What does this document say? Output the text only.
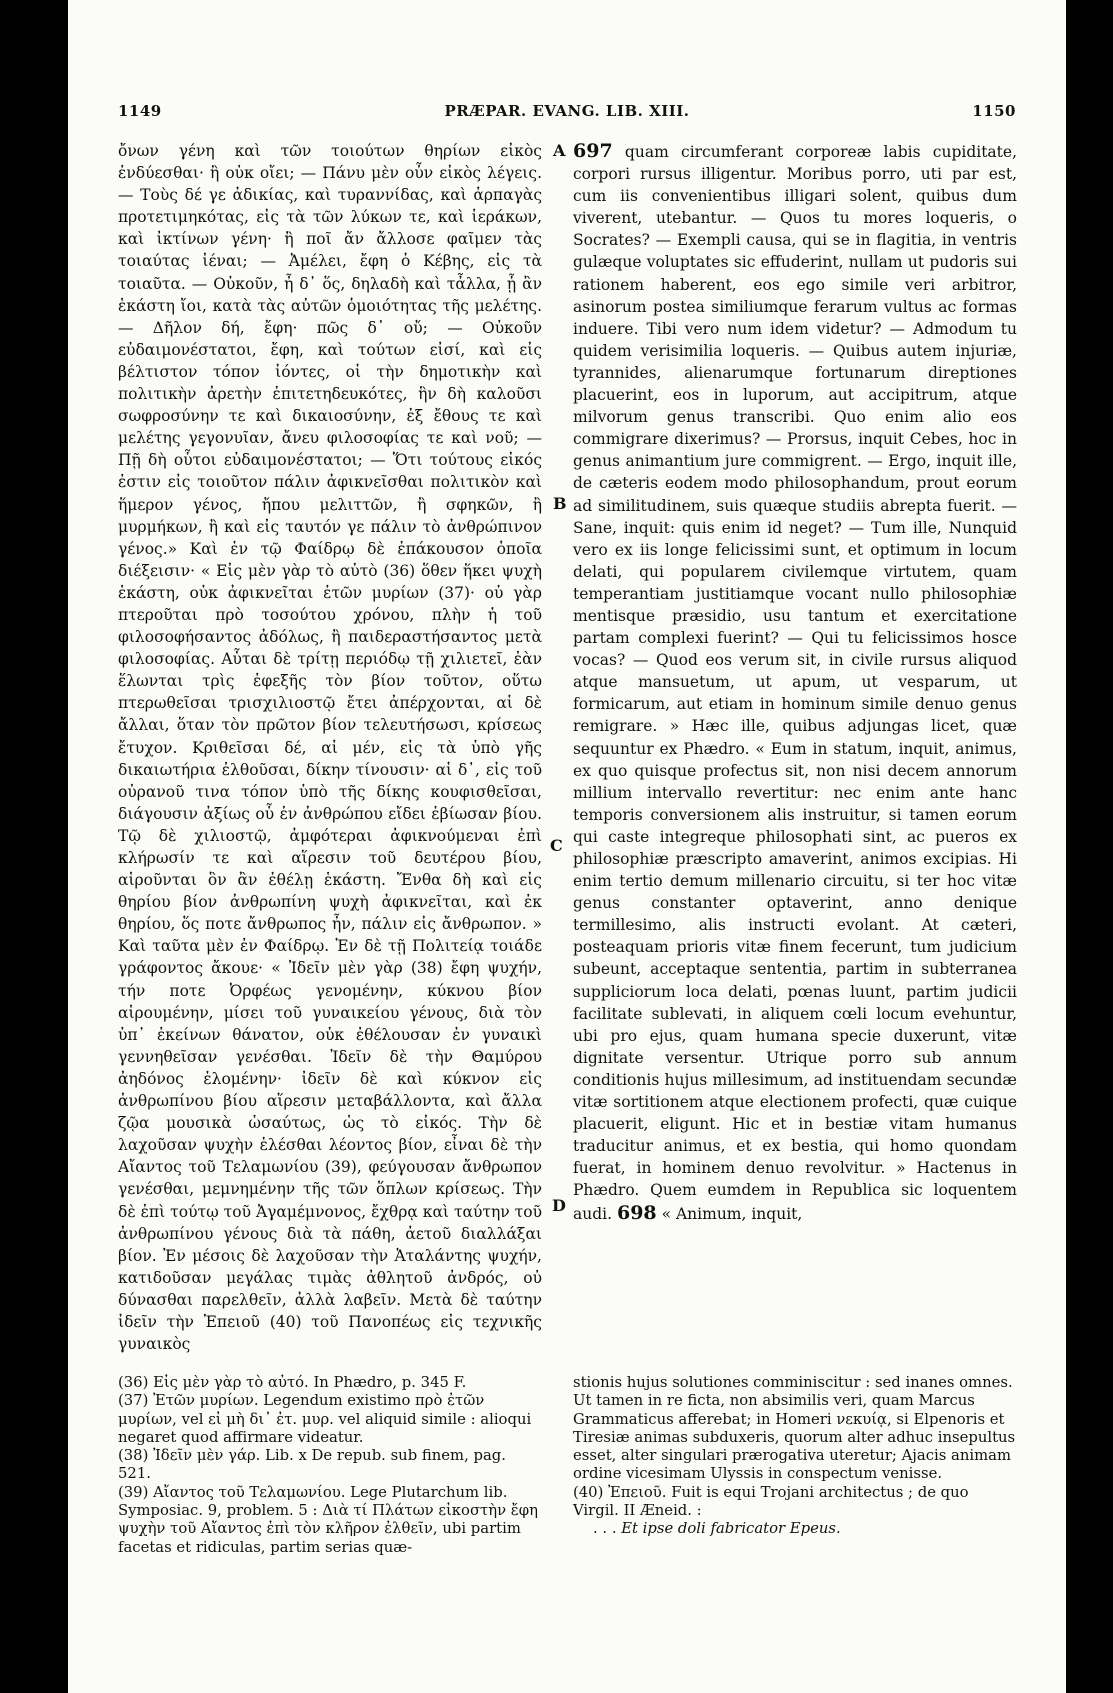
1149	PRÆPAR. EVANG. LIB. XIII.	1150

ὄνων γένη καὶ τῶν τοιούτων θηρίων εἰκὸς ἐνδύεσθαι· ἢ οὐκ οἴει; — Πάνυ μὲν οὖν εἰκὸς λέγεις. — Τοὺς δέ γε ἀδικίας, καὶ τυραννίδας, καὶ ἁρπαγὰς προτετιμηκότας, εἰς τὰ τῶν λύκων τε, καὶ ἱεράκων, καὶ ἰκτίνων γένη· ἢ ποῖ ἄν ἄλλοσε φαῖμεν τὰς τοιαύτας ἰέναι; — Ἀμέλει, ἔφη ὁ Κέβης, εἰς τὰ τοιαῦτα. — Οὐκοῦν, ἦ δ᾽ ὅς, δηλαδὴ καὶ τἆλλα, ᾗ ἂν ἑκάστη ἴοι, κατὰ τὰς αὐτῶν ὁμοιότητας τῆς μελέτης. — Δῆλον δή, ἔφη· πῶς δ᾽ οὔ; — Οὐκοῦν εὐδαιμονέστατοι, ἔφη, καὶ τούτων εἰσί, καὶ εἰς βέλτιστον τόπον ἰόντες, οἱ τὴν δημοτικὴν καὶ πολιτικὴν ἀρετὴν ἐπιτετηδευκότες, ἣν δὴ καλοῦσι σωφροσύνην τε καὶ δικαιοσύνην, ἐξ ἔθους τε καὶ μελέτης γεγονυῖαν, ἄνευ φιλοσοφίας τε καὶ νοῦ; — Πῇ δὴ οὗτοι εὐδαιμονέστατοι; — Ὅτι τούτους εἰκός ἐστιν εἰς τοιοῦτον πάλιν ἀφικνεῖσθαι πολιτικὸν καὶ ἥμερον γένος, ἤπου μελιττῶν, ἢ σφηκῶν, ἢ μυρμήκων, ἢ καὶ εἰς ταυτόν γε πάλιν τὸ ἀνθρώπινον γένος.» Καὶ ἐν τῷ Φαίδρῳ δὲ ἐπάκουσον ὁποῖα διέξεισιν· « Εἰς μὲν γὰρ τὸ αὐτὸ (36) ὅθεν ἥκει ψυχὴ ἑκάστη, οὐκ ἀφικνεῖται ἐτῶν μυρίων (37)· οὐ γὰρ πτεροῦται πρὸ τοσούτου χρόνου, πλὴν ἡ τοῦ φιλοσοφήσαντος ἀδόλως, ἢ παιδεραστήσαντος μετὰ φιλοσοφίας. Αὗται δὲ τρίτῃ περιόδῳ τῇ χιλιετεῖ, ἐὰν ἕλωνται τρὶς ἐφεξῆς τὸν βίον τοῦτον, οὕτω πτερωθεῖσαι τρισχιλιοστῷ ἔτει ἀπέρχονται, αἱ δὲ ἄλλαι, ὅταν τὸν πρῶτον βίον τελευτήσωσι, κρίσεως ἔτυχον. Κριθεῖσαι δέ, αἱ μέν, εἰς τὰ ὑπὸ γῆς δικαιωτήρια ἐλθοῦσαι, δίκην τίνουσιν· αἱ δ᾽, εἰς τοῦ οὐρανοῦ τινα τόπον ὑπὸ τῆς δίκης κουφισθεῖσαι, διάγουσιν ἀξίως οὗ ἐν ἀνθρώπου εἴδει ἐβίωσαν βίου. Τῷ δὲ χιλιοστῷ, ἀμφότεραι ἀφικνούμεναι ἐπὶ κλήρωσίν τε καὶ αἵρεσιν τοῦ δευτέρου βίου, αἱροῦνται ὃν ἂν ἐθέλῃ ἑκάστη. Ἔνθα δὴ καὶ εἰς θηρίου βίον ἀνθρωπίνη ψυχὴ ἀφικνεῖται, καὶ ἐκ θηρίου, ὅς ποτε ἄνθρωπος ἦν, πάλιν εἰς ἄνθρωπον. » Καὶ ταῦτα μὲν ἐν Φαίδρῳ. Ἐν δὲ τῇ Πολιτείᾳ τοιάδε γράφοντος ἄκουε· « Ἰδεῖν μὲν γὰρ (38) ἔφη ψυχήν, τήν ποτε Ὀρφέως γενομένην, κύκνου βίον αἱρουμένην, μίσει τοῦ γυναικείου γένους, διὰ τὸν ὑπ᾽ ἐκείνων θάνατον, οὐκ ἐθέλουσαν ἐν γυναικὶ γεννηθεῖσαν γενέσθαι. Ἰδεῖν δὲ τὴν Θαμύρου ἀηδόνος ἑλομένην· ἰδεῖν δὲ καὶ κύκνον εἰς ἀνθρωπίνου βίου αἵρεσιν μεταβάλλοντα, καὶ ἄλλα ζῷα μουσικὰ ὡσαύτως, ὡς τὸ εἰκός. Τὴν δὲ λαχοῦσαν ψυχὴν ἑλέσθαι λέοντος βίον, εἶναι δὲ τὴν Αἴαντος τοῦ Τελαμωνίου (39), φεύγουσαν ἄνθρωπον γενέσθαι, μεμνημένην τῆς τῶν ὅπλων κρίσεως. Τὴν δὲ ἐπὶ τούτῳ τοῦ Ἀγαμέμνονος, ἔχθρᾳ καὶ ταύτην τοῦ ἀνθρωπίνου γένους διὰ τὰ πάθη, ἀετοῦ διαλλάξαι βίον. Ἐν μέσοις δὲ λαχοῦσαν τὴν Ἀταλάντης ψυχήν, κατιδοῦσαν μεγάλας τιμὰς ἀθλητοῦ ἀνδρός, οὐ δύνασθαι παρελθεῖν, ἀλλὰ λαβεῖν. Μετὰ δὲ ταύτην ἰδεῖν τὴν Ἐπειοῦ (40) τοῦ Πανοπέως εἰς τεχνικῆς γυναικὸς

A
B
C
D

697 quam circumferant corporeæ labis cupiditate, corpori rursus illigentur. Moribus porro, uti par est, cum iis convenientibus illigari solent, quibus dum viverent, utebantur. — Quos tu mores loqueris, o Socrates? — Exempli causa, qui se in flagitia, in ventris gulæque voluptates sic effuderint, nullam ut pudoris sui rationem haberent, eos ego simile veri arbitror, asinorum postea similiumque ferarum vultus ac formas induere. Tibi vero num idem videtur? — Admodum tu quidem verisimilia loqueris. — Quibus autem injuriæ, tyrannides, alienarumque fortunarum direptiones placuerint, eos in luporum, aut accipitrum, atque milvorum genus transcribi. Quo enim alio eos commigrare dixerimus? — Prorsus, inquit Cebes, hoc in genus animantium jure commigrent. — Ergo, inquit ille, de cæteris eodem modo philosophandum, prout eorum ad similitudinem, suis quæque studiis abrepta fuerit. — Sane, inquit: quis enim id neget? — Tum ille, Nunquid vero ex iis longe felicissimi sunt, et optimum in locum delati, qui popularem civilemque virtutem, quam temperantiam justitiamque vocant nullo philosophiæ mentisque præsidio, usu tantum et exercitatione partam complexi fuerint? — Qui tu felicissimos hosce vocas? — Quod eos verum sit, in civile rursus aliquod atque mansuetum, ut apum, ut vesparum, ut formicarum, aut etiam in hominum simile denuo genus remigrare. » Hæc ille, quibus adjungas licet, quæ sequuntur ex Phædro. « Eum in statum, inquit, animus, ex quo quisque profectus sit, non nisi decem annorum millium intervallo revertitur: nec enim ante hanc temporis conversionem alis instruitur, si tamen eorum qui caste integreque philosophati sint, ac pueros ex philosophiæ præscripto amaverint, animos excipias. Hi enim tertio demum millenario circuitu, si ter hoc vitæ genus constanter optaverint, anno denique termillesimo, alis instructi evolant. At cæteri, posteaquam prioris vitæ finem fecerunt, tum judicium subeunt, acceptaque sententia, partim in subterranea suppliciorum loca delati, pœnas luunt, partim judicii facilitate sublevati, in aliquem cœli locum evehuntur, ubi pro ejus, quam humana specie duxerunt, vitæ dignitate versentur. Utrique porro sub annum conditionis hujus millesimum, ad instituendam secundæ vitæ sortitionem atque electionem profecti, quæ cuique placuerit, eligunt. Hic et in bestiæ vitam humanus traducitur animus, et ex bestia, qui homo quondam fuerat, in hominem denuo revolvitur. » Hactenus in Phædro. Quem eumdem in Republica sic loquentem audi. 698 « Animum, inquit,

(36) Εἰς μὲν γὰρ τὸ αὐτό. In Phædro, p. 345 F.

(37) Ἐτῶν μυρίων. Legendum existimo πρὸ ἐτῶν μυρίων, vel εἰ μὴ δι᾽ ἐτ. μυρ. vel aliquid simile : alioqui negaret quod affirmare videatur.

(38) Ἰδεῖν μὲν γάρ. Lib. x De repub. sub finem, pag. 521.

(39) Αἴαντος τοῦ Τελαμωνίου. Lege Plutarchum lib. Symposiac. 9, problem. 5 : Διὰ τί Πλάτων εἰκοστὴν ἔφη ψυχὴν τοῦ Αἴαντος ἐπὶ τὸν κλῆρον ἐλθεῖν, ubi partim facetas et ridiculas, partim serias quæ-

stionis hujus solutiones comminiscitur : sed inanes omnes. Ut tamen in re ficta, non absimilis veri, quam Marcus Grammaticus afferebat; in Homeri νεκυίᾳ, si Elpenoris et Tiresiæ animas subduxeris, quorum alter adhuc insepultus esset, alter singulari prærogativa uteretur; Ajacis animam ordine vicesimam Ulyssis in conspectum venisse.

(40) Ἐπειοῦ. Fuit is equi Trojani architectus ; de quo Virgil. II Æneid. :

. . . Et ipse doli fabricator Epeus.
